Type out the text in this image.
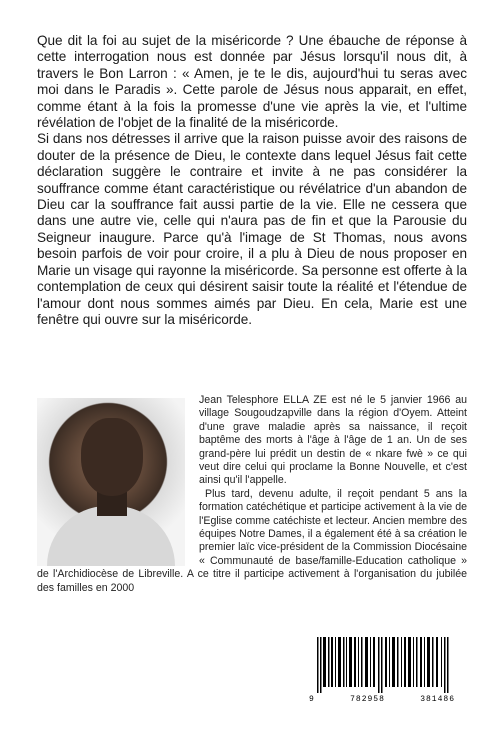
Que dit la foi au sujet de la miséricorde ? Une ébauche de réponse à cette interrogation nous est donnée par Jésus lorsqu'il nous dit, à travers le Bon Larron : « Amen, je te le dis, aujourd'hui tu seras avec moi dans le Paradis ». Cette parole de Jésus nous apparait, en effet, comme étant à la fois la promesse d'une vie après la vie, et l'ultime révélation de l'objet de la finalité de la miséricorde.

Si dans nos détresses il arrive que la raison puisse avoir des raisons de douter de la présence de Dieu, le contexte dans lequel Jésus fait cette déclaration suggère le contraire et invite à ne pas considérer la souffrance comme étant caractéristique ou révélatrice d'un abandon de Dieu car la souffrance fait aussi partie de la vie. Elle ne cessera que dans une autre vie, celle qui n'aura pas de fin et que la Parousie du Seigneur inaugure. Parce qu'à l'image de St Thomas, nous avons besoin parfois de voir pour croire, il a plu à Dieu de nous proposer en Marie un visage qui rayonne la miséricorde. Sa personne est offerte à la contemplation de ceux qui désirent saisir toute la réalité et l'étendue de l'amour dont nous sommes aimés par Dieu. En cela, Marie est une fenêtre qui ouvre sur la miséricorde.

Jean Telesphore ELLA ZE est né le 5 janvier 1966 au village Sougoudzapville dans la région d'Oyem. Atteint d'une grave maladie après sa naissance, il reçoit baptême des morts à l'âge à l'âge de 1 an. Un de ses grand-père lui prédit un destin de « nkare fwè » ce qui veut dire celui qui proclame la Bonne Nouvelle, et c'est ainsi qu'il l'appelle.

Plus tard, devenu adulte, il reçoit pendant 5 ans la formation catéchétique et participe activement à la vie de l'Eglise comme catéchiste et lecteur. Ancien membre des équipes Notre Dames, il a également été à sa création le premier laïc vice-président de la Commission Diocésaine « Communauté de base/famille-Education catholique » de l'Archidiocèse de Libreville. A ce titre il participe activement à l'organisation du jubilée des familles en 2000

9	782958	381486
